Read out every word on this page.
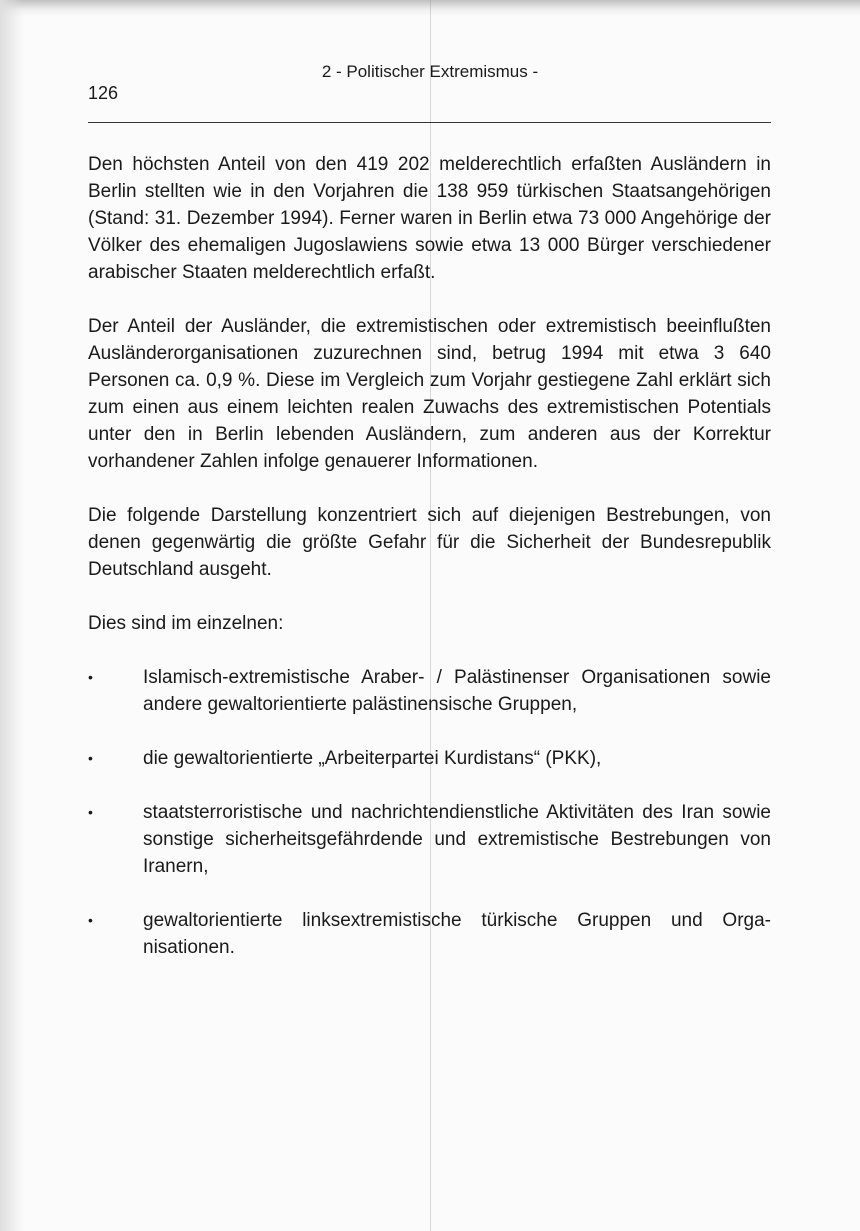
2 - Politischer Extremismus -

126

Den höchsten Anteil von den 419 202 melderechtlich erfaßten Ausländern in Berlin stellten wie in den Vorjahren die 138 959 türkischen Staatsangehörigen (Stand: 31. Dezember 1994). Ferner waren in Berlin etwa 73 000 Angehörige der Völker des ehemaligen Jugoslawiens sowie etwa 13 000 Bürger verschiedener arabischer Staaten melderechtlich erfaßt.

Der Anteil der Ausländer, die extremistischen oder extremistisch beeinflußten Ausländerorganisationen zuzurechnen sind, betrug 1994 mit etwa 3 640 Personen ca. 0,9 %. Diese im Vergleich zum Vorjahr gestiegene Zahl erklärt sich zum einen aus einem leichten realen Zuwachs des extremistischen Potentials unter den in Berlin lebenden Ausländern, zum anderen aus der Korrektur vorhandener Zahlen infolge genauerer Informationen.

Die folgende Darstellung konzentriert sich auf diejenigen Bestrebungen, von denen gegenwärtig die größte Gefahr für die Sicherheit der Bundesrepublik Deutschland ausgeht.

Dies sind im einzelnen:

•	Islamisch-extremistische Araber- / Palästinenser Organisationen sowie andere gewaltorientierte palästinensische Gruppen,
•	die gewaltorientierte „Arbeiterpartei Kurdistans“ (PKK),
•	staatsterroristische und nachrichtendienstliche Aktivitäten des Iran sowie sonstige sicherheitsgefährdende und extremistische Bestrebungen von Iranern,
•	gewaltorientierte linksextremistische türkische Gruppen und Organisationen.
